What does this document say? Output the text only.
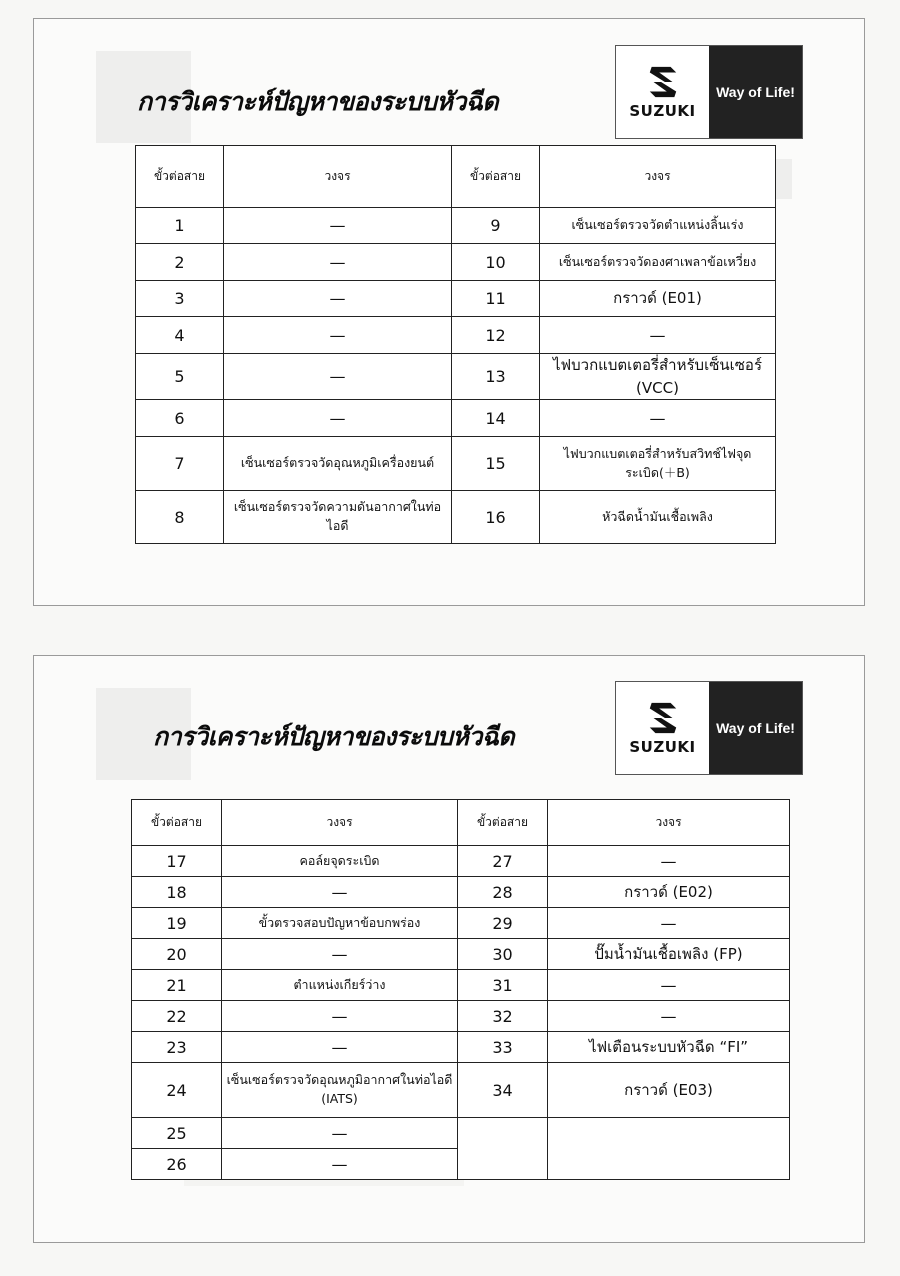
การวิเคราะห์ปัญหาของระบบหัวฉีด	SUZUKI
Way of Life!
ขั้วต่อสาย	วงจร	ขั้วต่อสาย	วงจร
1	—	9	เซ็นเซอร์ตรวจวัดตำแหน่งลิ้นเร่ง
2	—	10	เซ็นเซอร์ตรวจวัดองศาเพลาข้อเหวี่ยง
3	—	11	กราวด์ (E01)
4	—	12	—
5	—	13	ไฟบวกแบตเตอรี่สำหรับเซ็นเซอร์ (VCC)
6	—	14	—
7	เซ็นเซอร์ตรวจวัดอุณหภูมิเครื่องยนต์	15	ไฟบวกแบตเตอรี่สำหรับสวิทช์ไฟจุดระเบิด(＋B)
8	เซ็นเซอร์ตรวจวัดความดันอากาศในท่อไอดี	16	หัวฉีดน้ำมันเชื้อเพลิง
การวิเคราะห์ปัญหาของระบบหัวฉีด	SUZUKI
Way of Life!
ขั้วต่อสาย	วงจร	ขั้วต่อสาย	วงจร
17	คอล์ยจุดระเบิด	27	—
18	—	28	กราวด์ (E02)
19	ขั้วตรวจสอบปัญหาข้อบกพร่อง	29	—
20	—	30	ปั๊มน้ำมันเชื้อเพลิง (FP)
21	ตำแหน่งเกียร์ว่าง	31	—
22	—	32	—
23	—	33	ไฟเตือนระบบหัวฉีด “FI”
24	เซ็นเซอร์ตรวจวัดอุณหภูมิอากาศในท่อไอดี (IATS)	34	กราวด์ (E03)
25	—		
26	—		
